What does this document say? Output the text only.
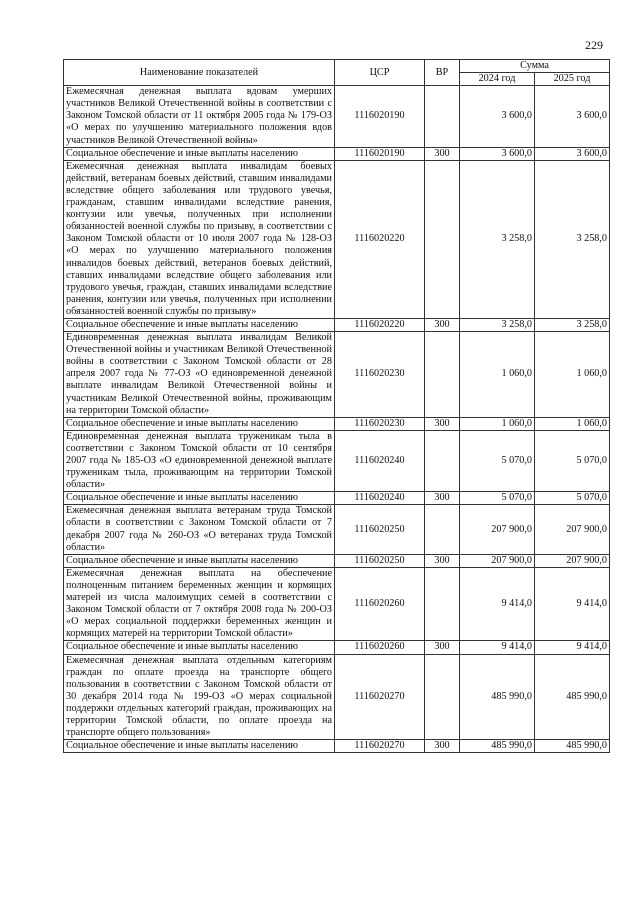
229
Наименование показателей	ЦСР	ВР	Сумма	
			2024 год	2025 год
Ежемесячная денежная выплата вдовам умерших участников Великой Отечественной войны в соответствии с Законом Томской области от 11 октября 2005 года № 179-ОЗ «О мерах по улучшению материального положения вдов участников Великой Отечественной войны»	1116020190		3 600,0	3 600,0
Социальное обеспечение и иные выплаты населению	1116020190	300	3 600,0	3 600,0
Ежемесячная денежная выплата инвалидам боевых действий, ветеранам боевых действий, ставшим инвалидами вследствие общего заболевания или трудового увечья, гражданам, ставшим инвалидами вследствие ранения, контузии или увечья, полученных при исполнении обязанностей военной службы по призыву, в соответствии с Законом Томской области от 10 июля 2007 года № 128-ОЗ «О мерах по улучшению материального положения инвалидов боевых действий, ветеранов боевых действий, ставших инвалидами вследствие общего заболевания или трудового увечья, граждан, ставших инвалидами вследствие ранения, контузии или увечья, полученных при исполнении обязанностей военной службы по призыву»	1116020220		3 258,0	3 258,0
Социальное обеспечение и иные выплаты населению	1116020220	300	3 258,0	3 258,0
Единовременная денежная выплата инвалидам Великой Отечественной войны и участникам Великой Отечественной войны в соответствии с Законом Томской области от 28 апреля 2007 года № 77-ОЗ «О единовременной денежной выплате инвалидам Великой Отечественной войны и участникам Великой Отечественной войны, проживающим на территории Томской области»	1116020230		1 060,0	1 060,0
Социальное обеспечение и иные выплаты населению	1116020230	300	1 060,0	1 060,0
Единовременная денежная выплата труженикам тыла в соответствии с Законом Томской области от 10 сентября 2007 года № 185-ОЗ «О единовременной денежной выплате труженикам тыла, проживающим на территории Томской области»	1116020240		5 070,0	5 070,0
Социальное обеспечение и иные выплаты населению	1116020240	300	5 070,0	5 070,0
Ежемесячная денежная выплата ветеранам труда Томской области в соответствии с Законом Томской области от 7 декабря 2007 года № 260-ОЗ «О ветеранах труда Томской области»	1116020250		207 900,0	207 900,0
Социальное обеспечение и иные выплаты населению	1116020250	300	207 900,0	207 900,0
Ежемесячная денежная выплата на обеспечение полноценным питанием беременных женщин и кормящих матерей из числа малоимущих семей в соответствии с Законом Томской области от 7 октября 2008 года № 200-ОЗ «О мерах социальной поддержки беременных женщин и кормящих матерей на территории Томской области»	1116020260		9 414,0	9 414,0
Социальное обеспечение и иные выплаты населению	1116020260	300	9 414,0	9 414,0
Ежемесячная денежная выплата отдельным категориям граждан по оплате проезда на транспорте общего пользования в соответствии с Законом Томской области от 30 декабря 2014 года № 199-ОЗ «О мерах социальной поддержки отдельных категорий граждан, проживающих на территории Томской области, по оплате проезда на транспорте общего пользования»	1116020270		485 990,0	485 990,0
Социальное обеспечение и иные выплаты населению	1116020270	300	485 990,0	485 990,0
